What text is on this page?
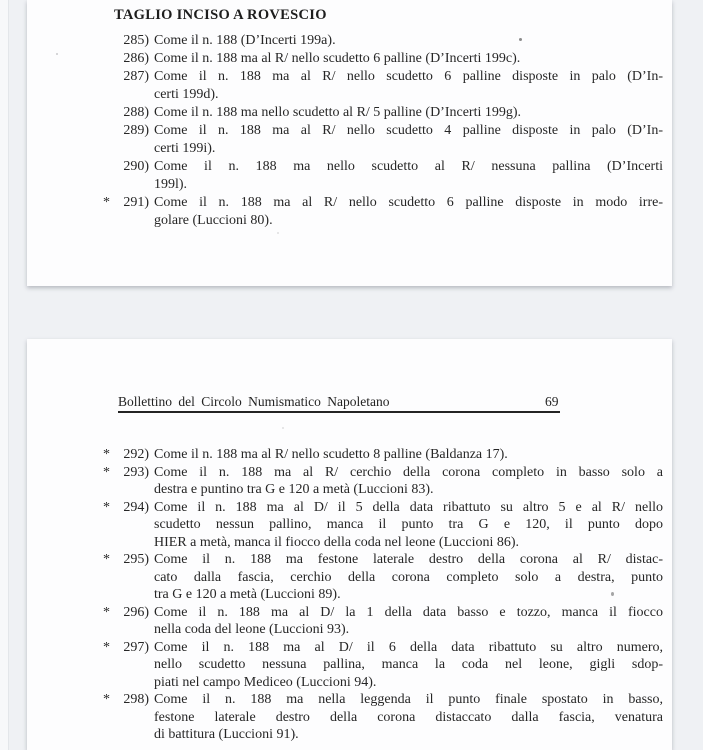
TAGLIO INCISO A ROVESCIO
285) Come il n. 188 (D’Incerti 199a).
286) Come il n. 188 ma al R/ nello scudetto 6 palline (D’Incerti 199c).
287) Come il n. 188 ma al R/ nello scudetto 6 palline disposte in palo (D’In-
certi 199d).
288) Come il n. 188 ma nello scudetto al R/ 5 palline (D’Incerti 199g).
289) Come il n. 188 ma al R/ nello scudetto 4 palline disposte in palo (D’In-
certi 199i).
290) Come il n. 188 ma nello scudetto al R/ nessuna pallina (D’Incerti
199l).
* 291) Come il n. 188 ma al R/ nello scudetto 6 palline disposte in modo irre-
golare (Luccioni 80).
Bollettino del Circolo Numismatico Napoletano	69
* 292) Come il n. 188 ma al R/ nello scudetto 8 palline (Baldanza 17).
* 293) Come il n. 188 ma al R/ cerchio della corona completo in basso solo a
destra e puntino tra G e 120 a metà (Luccioni 83).
* 294) Come il n. 188 ma al D/ il 5 della data ribattuto su altro 5 e al R/ nello
scudetto nessun pallino, manca il punto tra G e 120, il punto dopo
HIER a metà, manca il fiocco della coda nel leone (Luccioni 86).
* 295) Come il n. 188 ma festone laterale destro della corona al R/ distac-
cato dalla fascia, cerchio della corona completo solo a destra, punto
tra G e 120 a metà (Luccioni 89).
* 296) Come il n. 188 ma al D/ la 1 della data basso e tozzo, manca il fiocco
nella coda del leone (Luccioni 93).
* 297) Come il n. 188 ma al D/ il 6 della data ribattuto su altro numero,
nello scudetto nessuna pallina, manca la coda nel leone, gigli sdop-
piati nel campo Mediceo (Luccioni 94).
* 298) Come il n. 188 ma nella leggenda il punto finale spostato in basso,
festone laterale destro della corona distaccato dalla fascia, venatura
di battitura (Luccioni 91).
